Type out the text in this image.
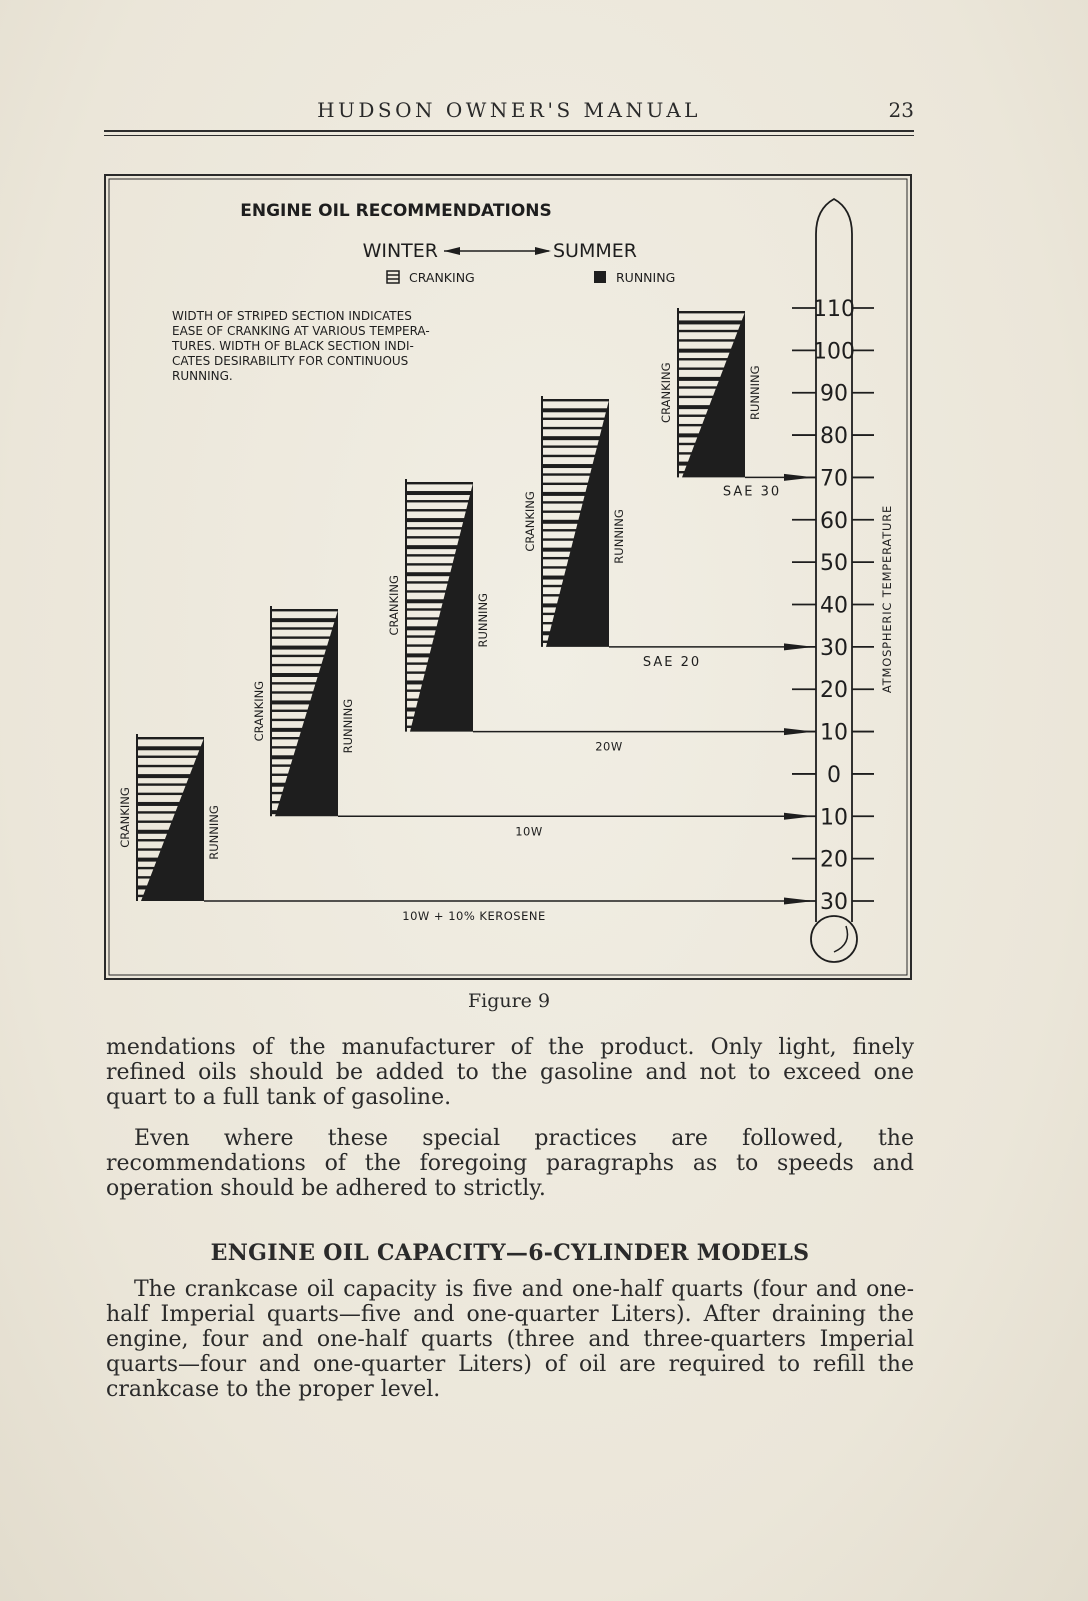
HUDSON OWNER'S MANUAL	23
ENGINE OIL RECOMMENDATIONS
WINTER	SUMMER
CRANKING	RUNNING
WIDTH OF STRIPED SECTION INDICATES
EASE OF CRANKING AT VARIOUS TEMPERA-
TURES. WIDTH OF BLACK SECTION INDI-
CATES DESIRABILITY FOR CONTINUOUS
RUNNING.
110
100
90
80
70
60
50
40
30
20
10
0
10
20
30
ATMOSPHERIC TEMPERATURE
CRANKING	RUNNING
10W + 10% KEROSENE
CRANKING	RUNNING
10W
CRANKING	RUNNING
20W
CRANKING	RUNNING
SAE 20
CRANKING	RUNNING
SAE 30
Figure 9

mendations of the manufacturer of the product. Only light, finely refined oils should be added to the gasoline and not to exceed one quart to a full tank of gasoline.

Even where these special practices are followed, the recommendations of the foregoing paragraphs as to speeds and operation should be adhered to strictly.

ENGINE OIL CAPACITY—6-CYLINDER MODELS

The crankcase oil capacity is five and one-half quarts (four and one-half Imperial quarts—five and one-quarter Liters). After draining the engine, four and one-half quarts (three and three-quarters Imperial quarts—four and one-quarter Liters) of oil are required to refill the crankcase to the proper level.
